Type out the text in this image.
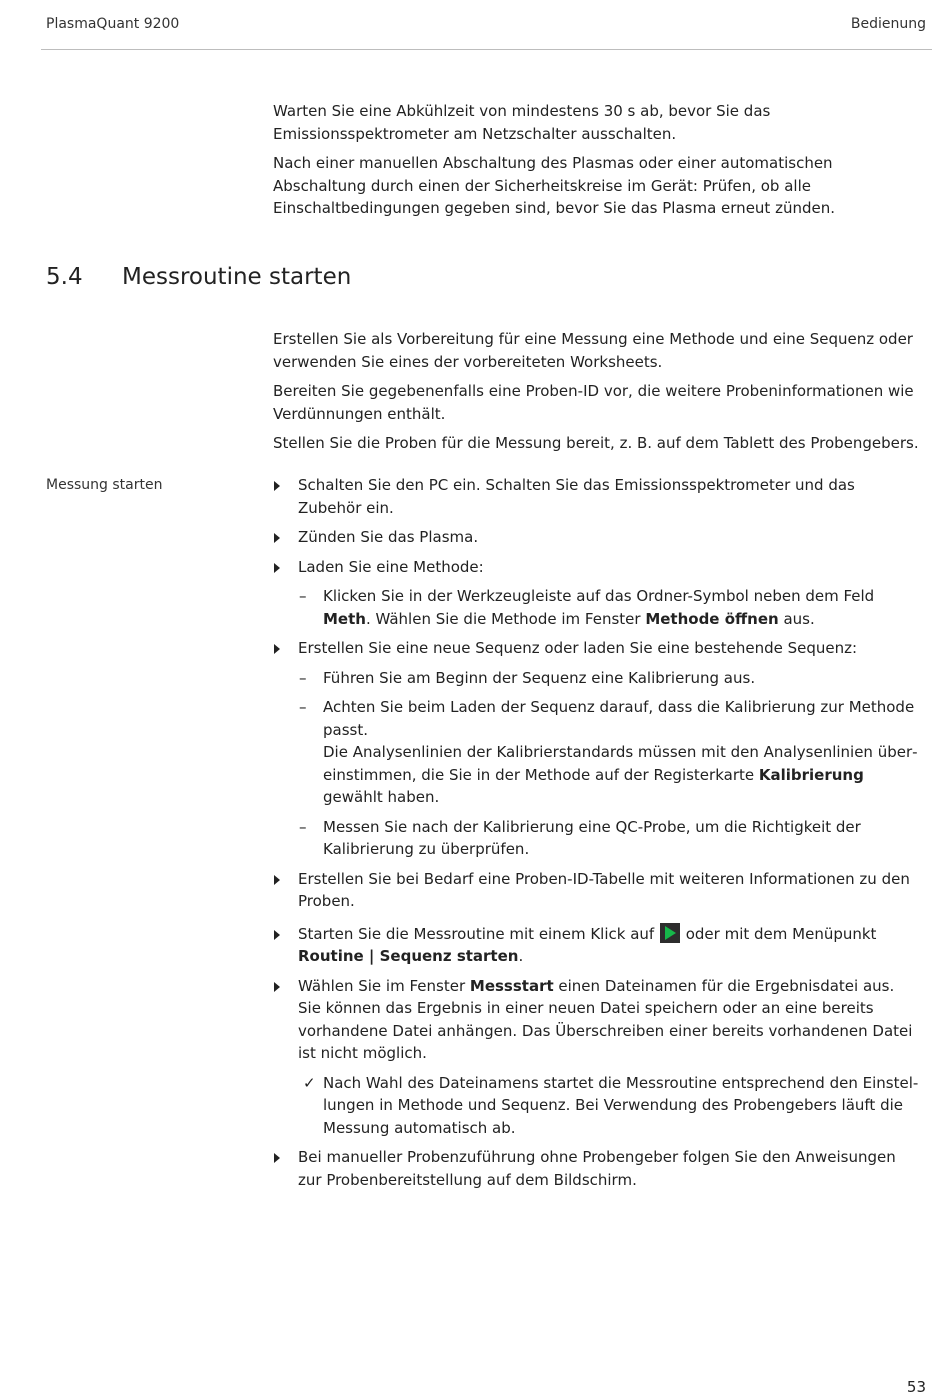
PlasmaQuant 9200	Bedienung

Warten Sie eine Abkühlzeit von mindestens 30 s ab, bevor Sie das Emissionsspektrometer am Netzschalter ausschalten.

Nach einer manuellen Abschaltung des Plasmas oder einer automatischen Abschaltung durch einen der Sicherheitskreise im Gerät: Prüfen, ob alle Einschaltbedingungen gegeben sind, bevor Sie das Plasma erneut zünden.

5.4 Messroutine starten

Erstellen Sie als Vorbereitung für eine Messung eine Methode und eine Sequenz oder verwenden Sie eines der vorbereiteten Worksheets.

Bereiten Sie gegebenenfalls eine Proben-ID vor, die weitere Probeninformationen wie Verdünnungen enthält.

Stellen Sie die Proben für die Messung bereit, z. B. auf dem Tablett des Probengebers.

Messung starten	Schalten Sie den PC ein. Schalten Sie das Emissionsspektrometer und das Zubehör ein.
Zünden Sie das Plasma.
Laden Sie eine Methode:
– Klicken Sie in der Werkzeugleiste auf das Ordner-Symbol neben dem Feld Meth. Wählen Sie die Methode im Fenster Methode öffnen aus.
Erstellen Sie eine neue Sequenz oder laden Sie eine bestehende Sequenz:
– Führen Sie am Beginn der Sequenz eine Kalibrierung aus.
– Achten Sie beim Laden der Sequenz darauf, dass die Kalibrierung zur Methode passt.
Die Analysenlinien der Kalibrierstandards müssen mit den Analysenlinien übereinstimmen, die Sie in der Methode auf der Registerkarte Kalibrierung gewählt haben.
– Messen Sie nach der Kalibrierung eine QC-Probe, um die Richtigkeit der Kalibrierung zu überprüfen.
Erstellen Sie bei Bedarf eine Proben-ID-Tabelle mit weiteren Informationen zu den Proben.
Starten Sie die Messroutine mit einem Klick auf  oder mit dem Menüpunkt Routine | Sequenz starten.
Wählen Sie im Fenster Messstart einen Dateinamen für die Ergebnisdatei aus.
Sie können das Ergebnis in einer neuen Datei speichern oder an eine bereits vorhandene Datei anhängen. Das Überschreiben einer bereits vorhandenen Datei ist nicht möglich.
✓ Nach Wahl des Dateinamens startet die Messroutine entsprechend den Einstellungen in Methode und Sequenz. Bei Verwendung des Probengebers läuft die Messung automatisch ab.
Bei manueller Probenzuführung ohne Probengeber folgen Sie den Anweisungen zur Probenbereitstellung auf dem Bildschirm.
53
